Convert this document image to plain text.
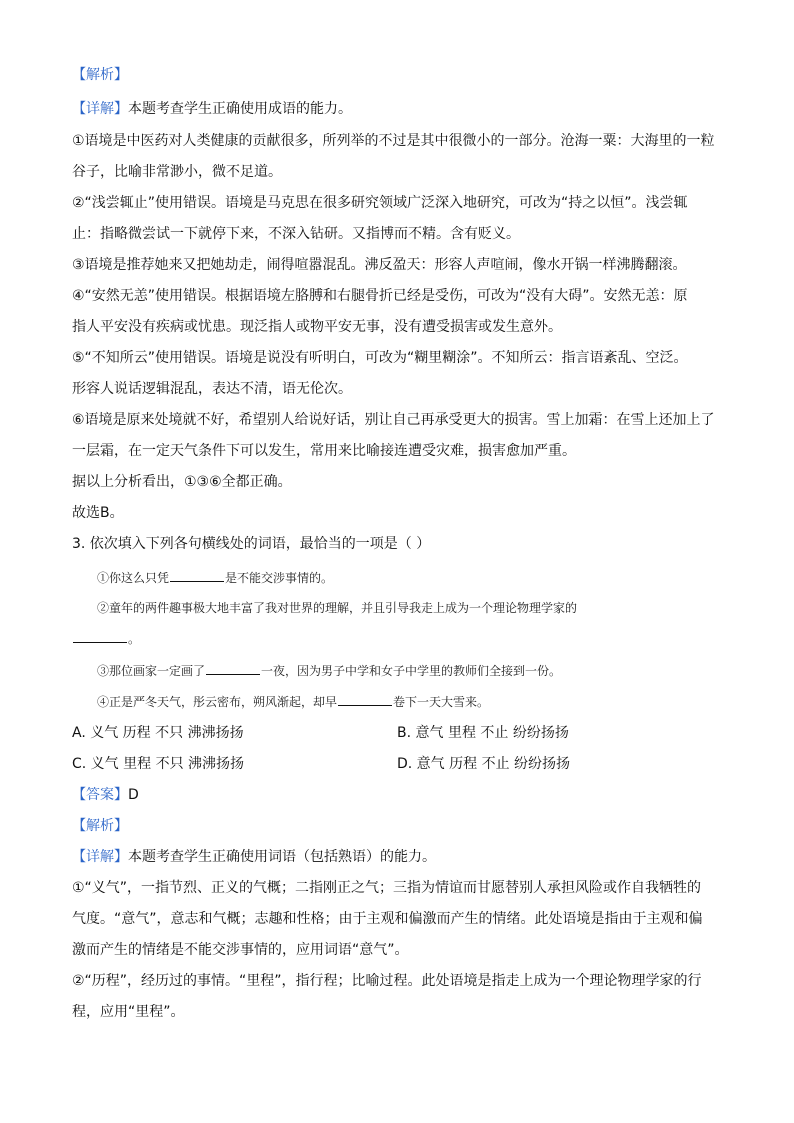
【解析】
【详解】本题考查学生正确使用成语的能力。
①语境是中医药对人类健康的贡献很多，所列举的不过是其中很微小的一部分。沧海一粟：大海里的一粒
谷子，比喻非常渺小，微不足道。
②“浅尝辄止”使用错误。语境是马克思在很多研究领域广泛深入地研究，可改为“持之以恒”。浅尝辄
止：指略微尝试一下就停下来，不深入钻研。又指博而不精。含有贬义。
③语境是推荐她来又把她劫走，闹得喧嚣混乱。沸反盈天：形容人声喧闹，像水开锅一样沸腾翻滚。
④“安然无恙”使用错误。根据语境左胳膊和右腿骨折已经是受伤，可改为“没有大碍”。安然无恙：原
指人平安没有疾病或忧患。现泛指人或物平安无事，没有遭受损害或发生意外。
⑤“不知所云”使用错误。语境是说没有听明白，可改为“糊里糊涂”。不知所云：指言语紊乱、空泛。
形容人说话逻辑混乱，表达不清，语无伦次。
⑥语境是原来处境就不好，希望别人给说好话，别让自己再承受更大的损害。雪上加霜：在雪上还加上了
一层霜，在一定天气条件下可以发生，常用来比喻接连遭受灾难，损害愈加严重。
据以上分析看出，①③⑥全都正确。
故选B。
3. 依次填入下列各句横线处的词语，最恰当的一项是（ ）
①你这么只凭	是不能交涉事情的。
②童年的两件趣事极大地丰富了我对世界的理解，并且引导我走上成为一个理论物理学家的
。
③那位画家一定画了	一夜，因为男子中学和女子中学里的教师们全接到一份。
④正是严冬天气，彤云密布，朔风渐起，却早	卷下一天大雪来。
A. 义气 历程 不只 沸沸扬扬	B. 意气 里程 不止 纷纷扬扬
C. 义气 里程 不只 沸沸扬扬	D. 意气 历程 不止 纷纷扬扬
【答案】D
【解析】
【详解】本题考查学生正确使用词语（包括熟语）的能力。
①“义气”，一指节烈、正义的气概；二指刚正之气；三指为情谊而甘愿替别人承担风险或作自我牺牲的
气度。“意气”，意志和气概；志趣和性格；由于主观和偏激而产生的情绪。此处语境是指由于主观和偏
激而产生的情绪是不能交涉事情的，应用词语“意气”。
②“历程”，经历过的事情。“里程”，指行程；比喻过程。此处语境是指走上成为一个理论物理学家的行
程，应用“里程”。
